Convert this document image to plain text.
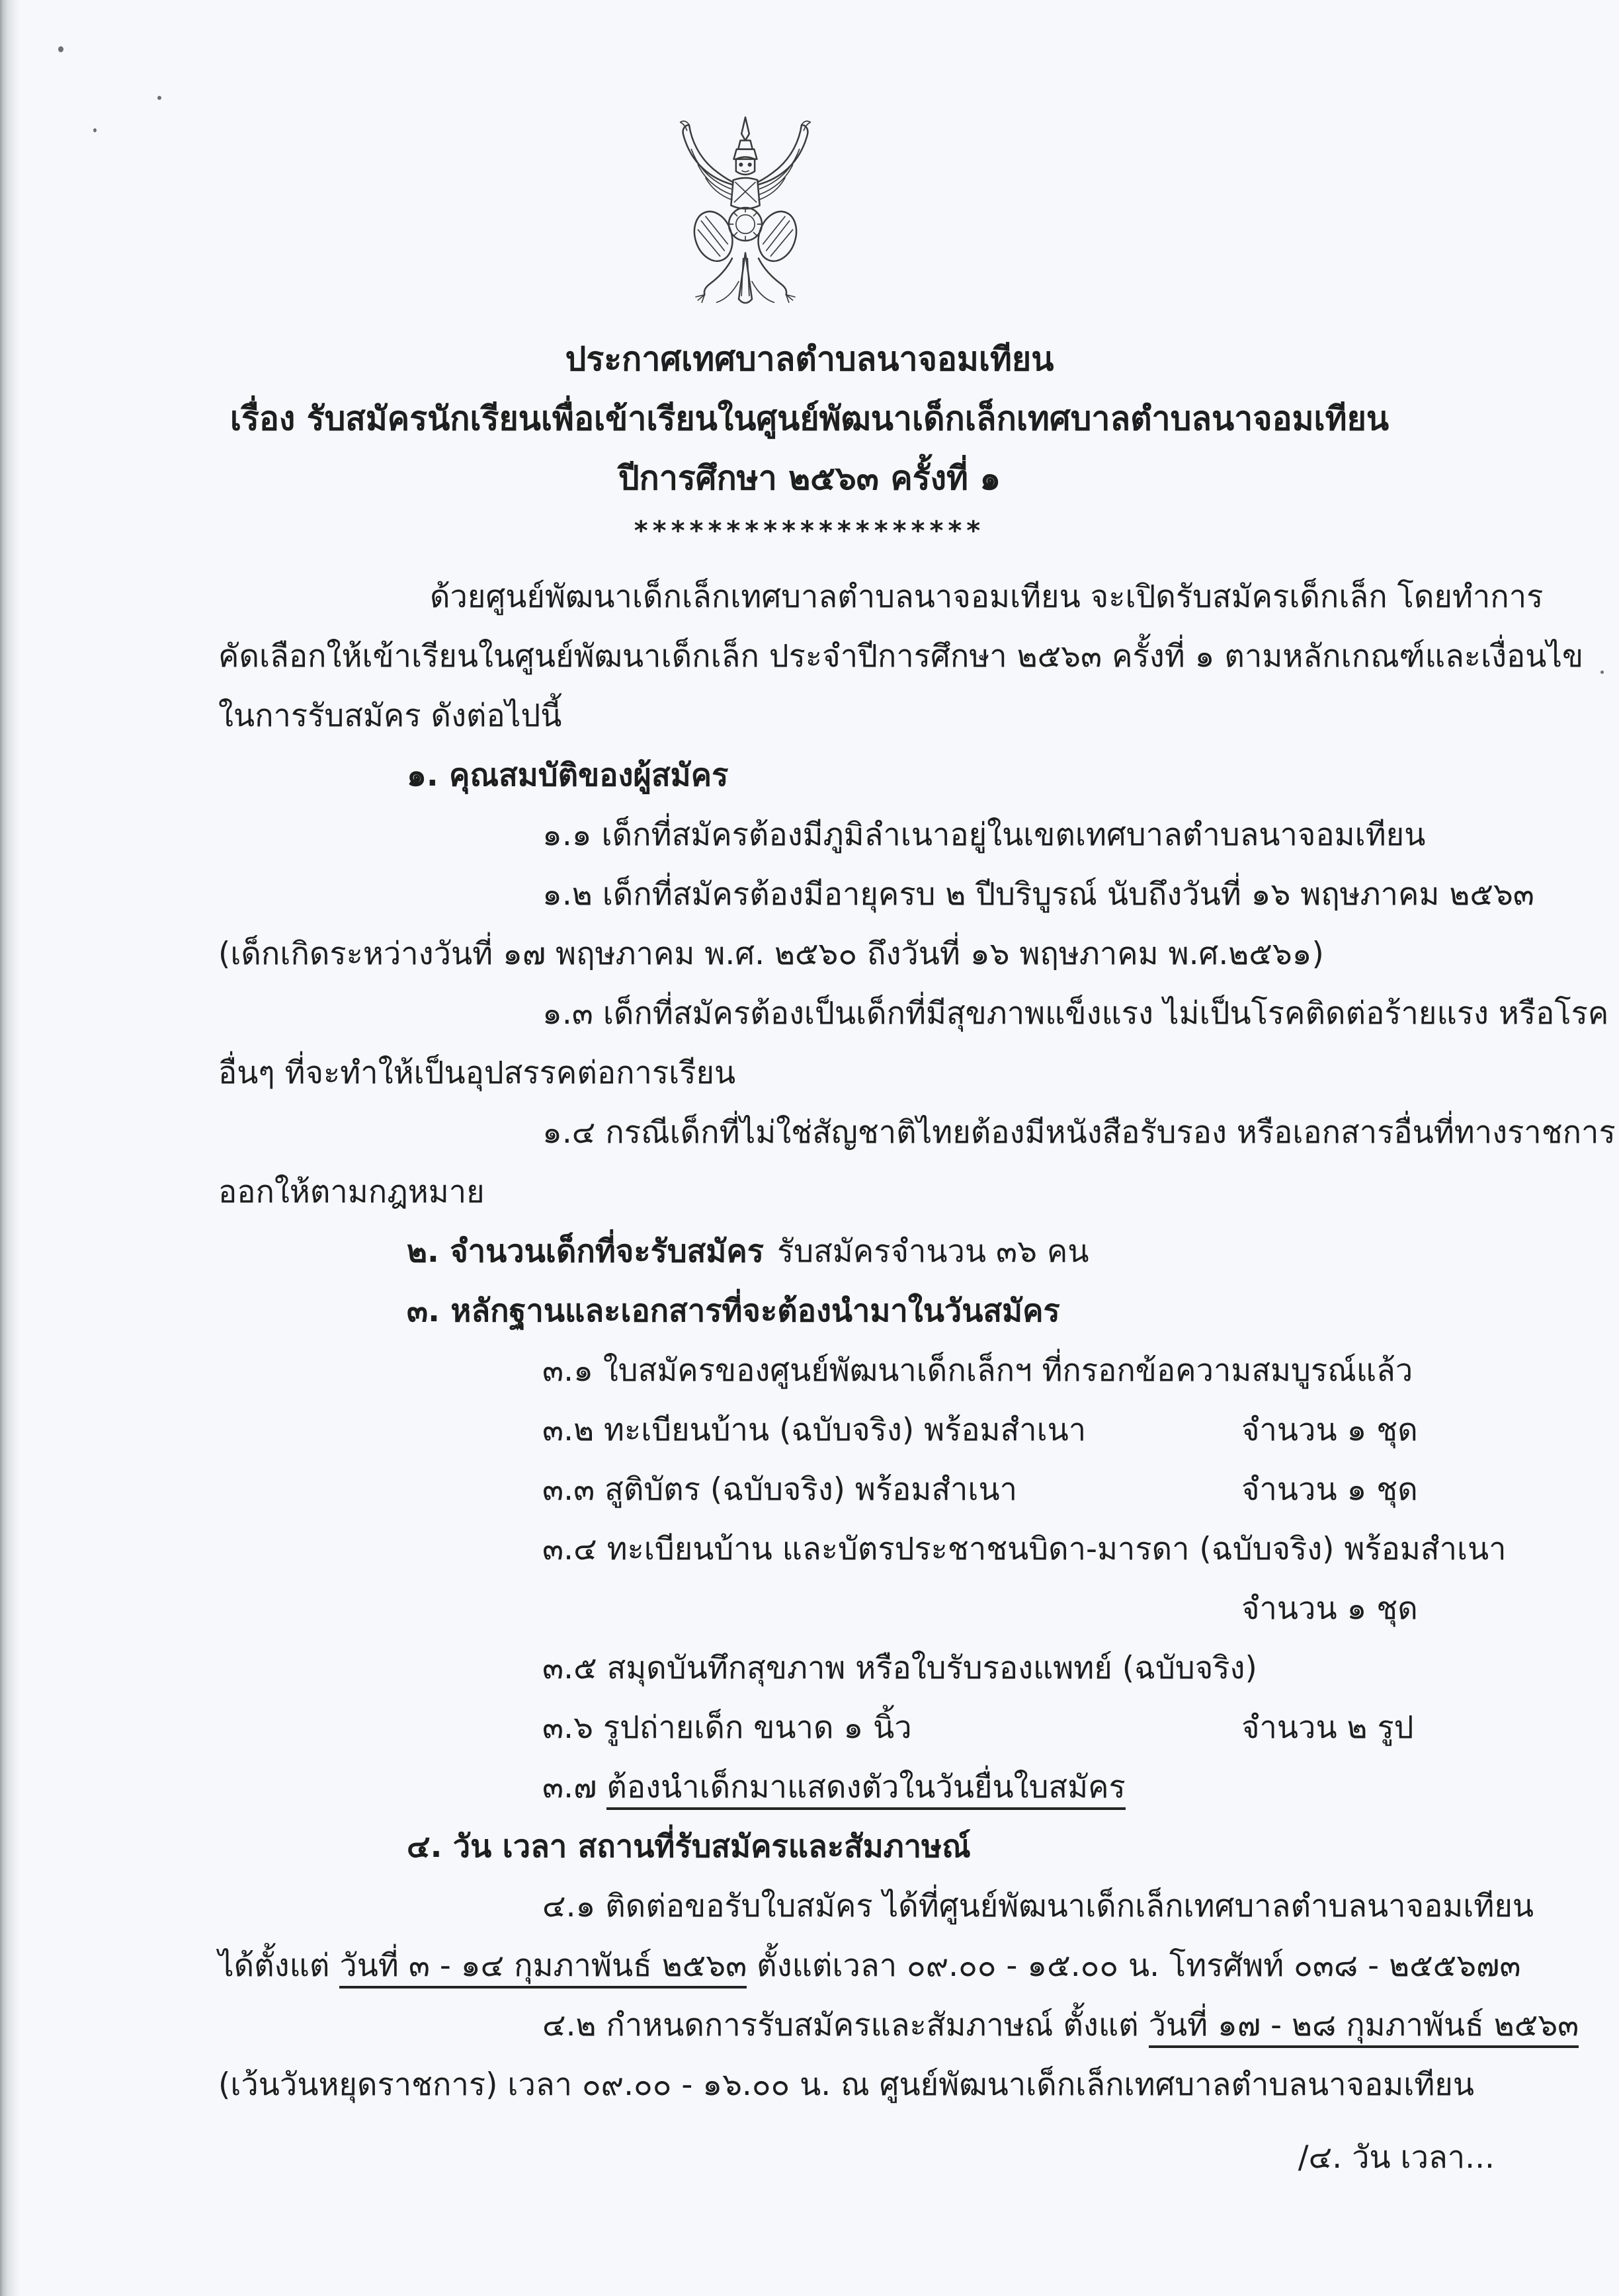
ประกาศเทศบาลตำบลนาจอมเทียน
เรื่อง รับสมัครนักเรียนเพื่อเข้าเรียนในศูนย์พัฒนาเด็กเล็กเทศบาลตำบลนาจอมเทียน
ปีการศึกษา ๒๕๖๓ ครั้งที่ ๑
*******************
ด้วยศูนย์พัฒนาเด็กเล็กเทศบาลตำบลนาจอมเทียน จะเปิดรับสมัครเด็กเล็ก โดยทำการ
คัดเลือกให้เข้าเรียนในศูนย์พัฒนาเด็กเล็ก ประจำปีการศึกษา ๒๕๖๓ ครั้งที่ ๑ ตามหลักเกณฑ์และเงื่อนไข
ในการรับสมัคร ดังต่อไปนี้
๑. คุณสมบัติของผู้สมัคร
๑.๑ เด็กที่สมัครต้องมีภูมิลำเนาอยู่ในเขตเทศบาลตำบลนาจอมเทียน
๑.๒ เด็กที่สมัครต้องมีอายุครบ ๒ ปีบริบูรณ์ นับถึงวันที่ ๑๖ พฤษภาคม ๒๕๖๓
(เด็กเกิดระหว่างวันที่ ๑๗ พฤษภาคม พ.ศ. ๒๕๖๐ ถึงวันที่ ๑๖ พฤษภาคม พ.ศ.๒๕๖๑)
๑.๓ เด็กที่สมัครต้องเป็นเด็กที่มีสุขภาพแข็งแรง ไม่เป็นโรคติดต่อร้ายแรง หรือโรค
อื่นๆ ที่จะทำให้เป็นอุปสรรคต่อการเรียน
๑.๔ กรณีเด็กที่ไม่ใช่สัญชาติไทยต้องมีหนังสือรับรอง หรือเอกสารอื่นที่ทางราชการ
ออกให้ตามกฎหมาย
๒. จำนวนเด็กที่จะรับสมัคร รับสมัครจำนวน ๓๖ คน
๓. หลักฐานและเอกสารที่จะต้องนำมาในวันสมัคร
๓.๑ ใบสมัครของศูนย์พัฒนาเด็กเล็กฯ ที่กรอกข้อความสมบูรณ์แล้ว
๓.๒ ทะเบียนบ้าน (ฉบับจริง) พร้อมสำเนา	จำนวน ๑ ชุด
๓.๓ สูติบัตร (ฉบับจริง) พร้อมสำเนา	จำนวน ๑ ชุด
๓.๔ ทะเบียนบ้าน และบัตรประชาชนบิดา-มารดา (ฉบับจริง) พร้อมสำเนา
จำนวน ๑ ชุด
๓.๕ สมุดบันทึกสุขภาพ หรือใบรับรองแพทย์ (ฉบับจริง)
๓.๖ รูปถ่ายเด็ก ขนาด ๑ นิ้ว	จำนวน ๒ รูป
๓.๗ ต้องนำเด็กมาแสดงตัวในวันยื่นใบสมัคร
๔. วัน เวลา สถานที่รับสมัครและสัมภาษณ์
๔.๑ ติดต่อขอรับใบสมัคร ได้ที่ศูนย์พัฒนาเด็กเล็กเทศบาลตำบลนาจอมเทียน
ได้ตั้งแต่ วันที่ ๓ - ๑๔ กุมภาพันธ์ ๒๕๖๓ ตั้งแต่เวลา ๐๙.๐๐ - ๑๕.๐๐ น. โทรศัพท์ ๐๓๘ - ๒๕๕๖๗๓
๔.๒ กำหนดการรับสมัครและสัมภาษณ์ ตั้งแต่ วันที่ ๑๗ - ๒๘ กุมภาพันธ์ ๒๕๖๓
(เว้นวันหยุดราชการ) เวลา ๐๙.๐๐ - ๑๖.๐๐ น. ณ ศูนย์พัฒนาเด็กเล็กเทศบาลตำบลนาจอมเทียน
/๔. วัน เวลา...
